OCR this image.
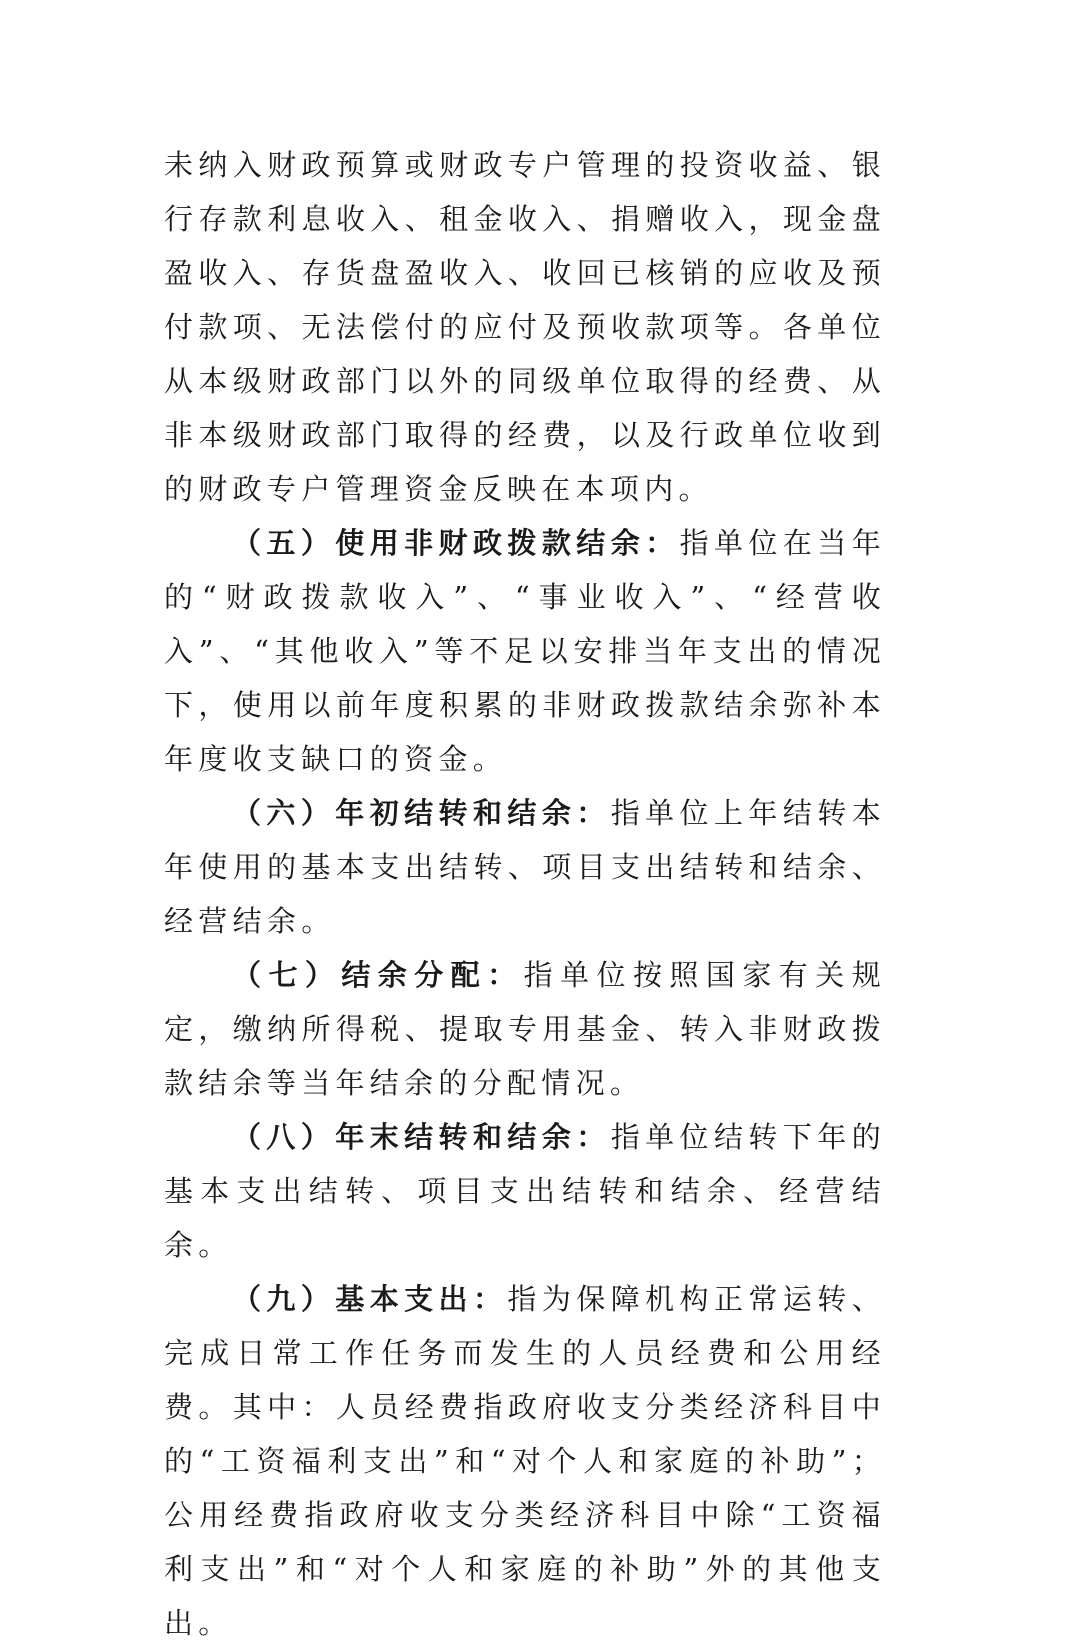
未纳入财政预算或财政专户管理的投资收益、银行存款利息收入、租金收入、捐赠收入，现金盘盈收入、存货盘盈收入、收回已核销的应收及预付款项、无法偿付的应付及预收款项等。各单位从本级财政部门以外的同级单位取得的经费、从非本级财政部门取得的经费，以及行政单位收到的财政专户管理资金反映在本项内。

（五）使用非财政拨款结余：指单位在当年的“财政拨款收入”、“事业收入”、“经营收入”、“其他收入”等不足以安排当年支出的情况下，使用以前年度积累的非财政拨款结余弥补本年度收支缺口的资金。

（六）年初结转和结余：指单位上年结转本年使用的基本支出结转、项目支出结转和结余、经营结余。

（七）结余分配：指单位按照国家有关规定，缴纳所得税、提取专用基金、转入非财政拨款结余等当年结余的分配情况。

（八）年末结转和结余：指单位结转下年的基本支出结转、项目支出结转和结余、经营结余。

（九）基本支出：指为保障机构正常运转、完成日常工作任务而发生的人员经费和公用经费。其中：人员经费指政府收支分类经济科目中的“工资福利支出”和“对个人和家庭的补助”；公用经费指政府收支分类经济科目中除“工资福利支出”和“对个人和家庭的补助”外的其他支出。
